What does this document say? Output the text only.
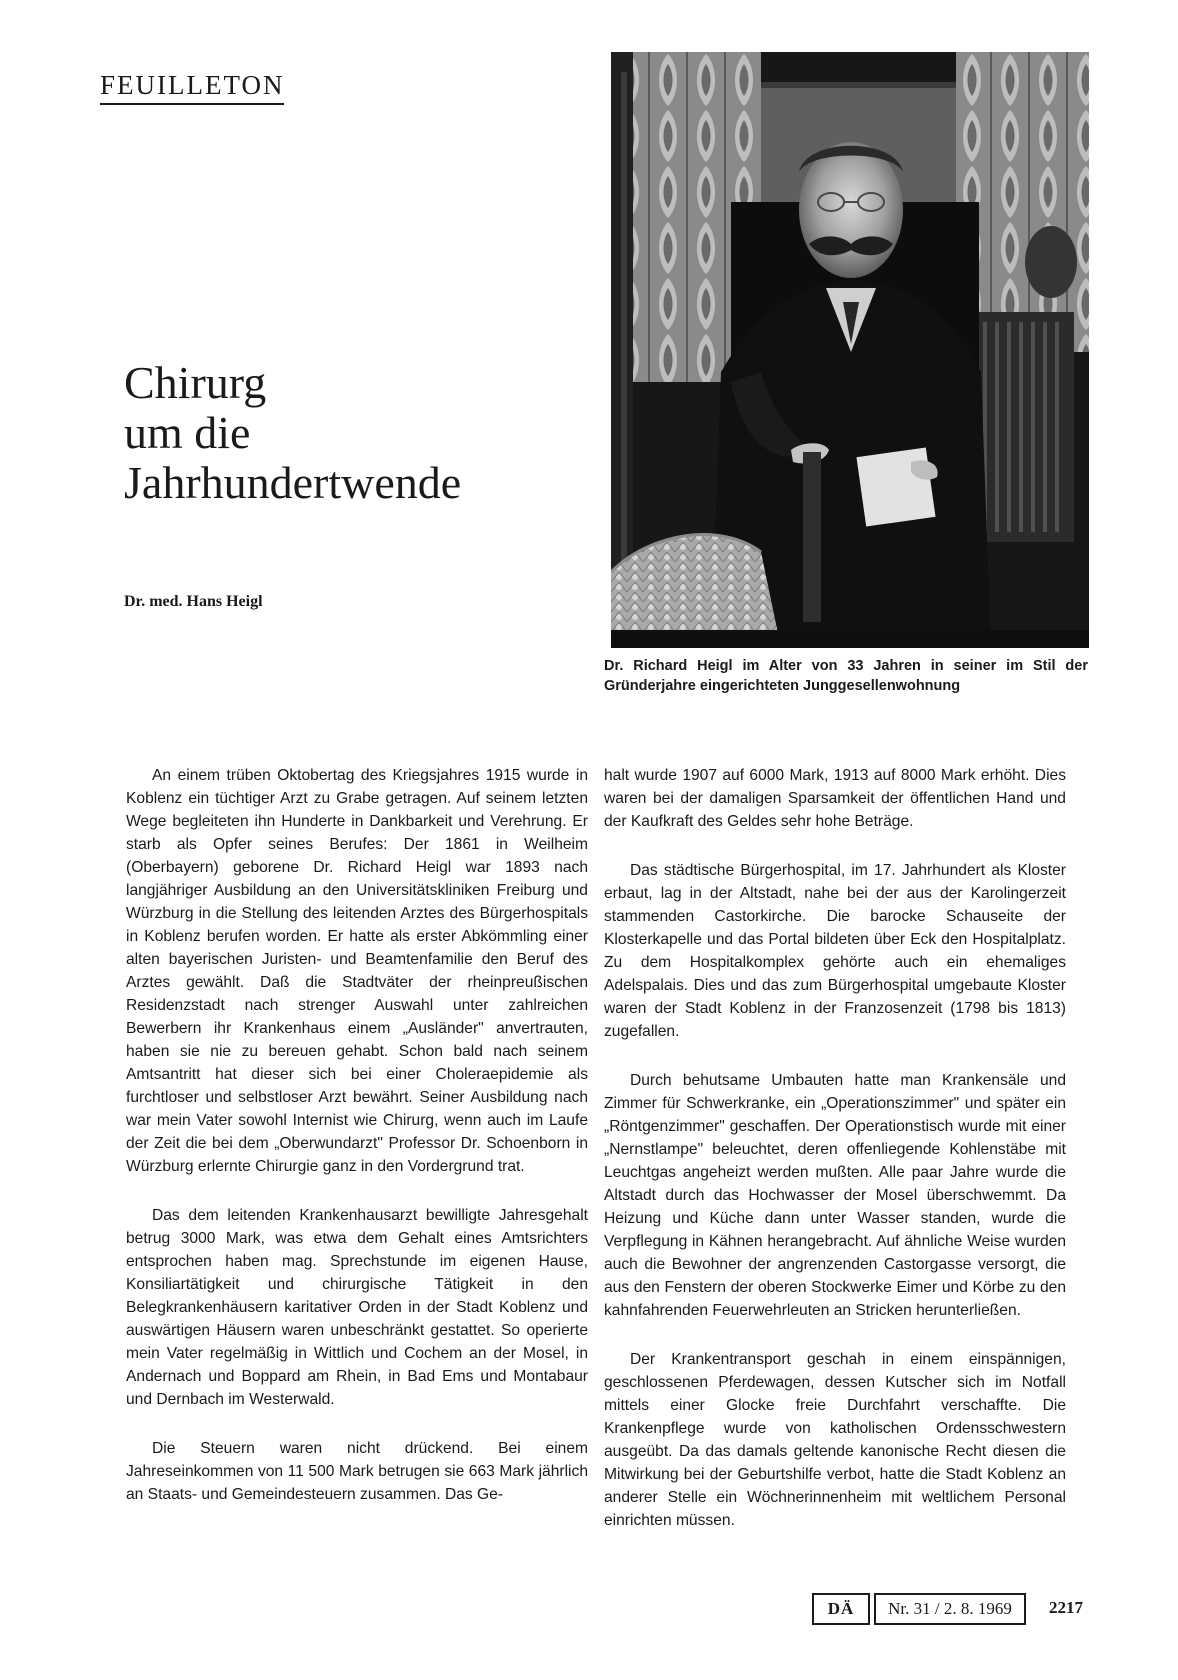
FEUILLETON
Chirurg
um die
Jahrhundertwende
Dr. med. Hans Heigl
Dr. Richard Heigl im Alter von 33 Jahren in seiner im Stil der Gründerjahre eingerichteten Junggesellenwohnung

An einem trüben Oktobertag des Kriegsjahres 1915 wurde in Koblenz ein tüchtiger Arzt zu Grabe getragen. Auf seinem letzten Wege begleiteten ihn Hunderte in Dankbarkeit und Verehrung. Er starb als Opfer seines Berufes: Der 1861 in Weilheim (Oberbayern) geborene Dr. Richard Heigl war 1893 nach langjähriger Ausbildung an den Universitätskliniken Freiburg und Würzburg in die Stellung des leitenden Arztes des Bürgerhospitals in Koblenz berufen worden. Er hatte als erster Abkömmling einer alten bayerischen Juristen- und Beamtenfamilie den Beruf des Arztes gewählt. Daß die Stadtväter der rheinpreußischen Residenzstadt nach strenger Auswahl unter zahlreichen Bewerbern ihr Krankenhaus einem „Ausländer" anvertrauten, haben sie nie zu bereuen gehabt. Schon bald nach seinem Amtsantritt hat dieser sich bei einer Choleraepidemie als furchtloser und selbstloser Arzt bewährt. Seiner Ausbildung nach war mein Vater sowohl Internist wie Chirurg, wenn auch im Laufe der Zeit die bei dem „Oberwundarzt" Professor Dr. Schoenborn in Würzburg erlernte Chirurgie ganz in den Vordergrund trat.

Das dem leitenden Krankenhausarzt bewilligte Jahresgehalt betrug 3000 Mark, was etwa dem Gehalt eines Amtsrichters entsprochen haben mag. Sprechstunde im eigenen Hause, Konsiliartätigkeit und chirurgische Tätigkeit in den Belegkrankenhäusern karitativer Orden in der Stadt Koblenz und auswärtigen Häusern waren unbeschränkt gestattet. So operierte mein Vater regelmäßig in Wittlich und Cochem an der Mosel, in Andernach und Boppard am Rhein, in Bad Ems und Montabaur und Dernbach im Westerwald.

Die Steuern waren nicht drückend. Bei einem Jahreseinkommen von 11 500 Mark betrugen sie 663 Mark jährlich an Staats- und Gemeindesteuern zusammen. Das Ge-

halt wurde 1907 auf 6000 Mark, 1913 auf 8000 Mark erhöht. Dies waren bei der damaligen Sparsamkeit der öffentlichen Hand und der Kaufkraft des Geldes sehr hohe Beträge.

Das städtische Bürgerhospital, im 17. Jahrhundert als Kloster erbaut, lag in der Altstadt, nahe bei der aus der Karolingerzeit stammenden Castorkirche. Die barocke Schauseite der Klosterkapelle und das Portal bildeten über Eck den Hospitalplatz. Zu dem Hospitalkomplex gehörte auch ein ehemaliges Adelspalais. Dies und das zum Bürgerhospital umgebaute Kloster waren der Stadt Koblenz in der Franzosenzeit (1798 bis 1813) zugefallen.

Durch behutsame Umbauten hatte man Krankensäle und Zimmer für Schwerkranke, ein „Operationszimmer" und später ein „Röntgenzimmer" geschaffen. Der Operationstisch wurde mit einer „Nernstlampe" beleuchtet, deren offenliegende Kohlenstäbe mit Leuchtgas angeheizt werden mußten. Alle paar Jahre wurde die Altstadt durch das Hochwasser der Mosel überschwemmt. Da Heizung und Küche dann unter Wasser standen, wurde die Verpflegung in Kähnen herangebracht. Auf ähnliche Weise wurden auch die Bewohner der angrenzenden Castorgasse versorgt, die aus den Fenstern der oberen Stockwerke Eimer und Körbe zu den kahnfahrenden Feuerwehrleuten an Stricken herunterließen.

Der Krankentransport geschah in einem einspännigen, geschlossenen Pferdewagen, dessen Kutscher sich im Notfall mittels einer Glocke freie Durchfahrt verschaffte. Die Krankenpflege wurde von katholischen Ordensschwestern ausgeübt. Da das damals geltende kanonische Recht diesen die Mitwirkung bei der Geburtshilfe verbot, hatte die Stadt Koblenz an anderer Stelle ein Wöchnerinnenheim mit weltlichem Personal einrichten müssen.

DÄ	Nr. 31 / 2. 8. 1969	2217
